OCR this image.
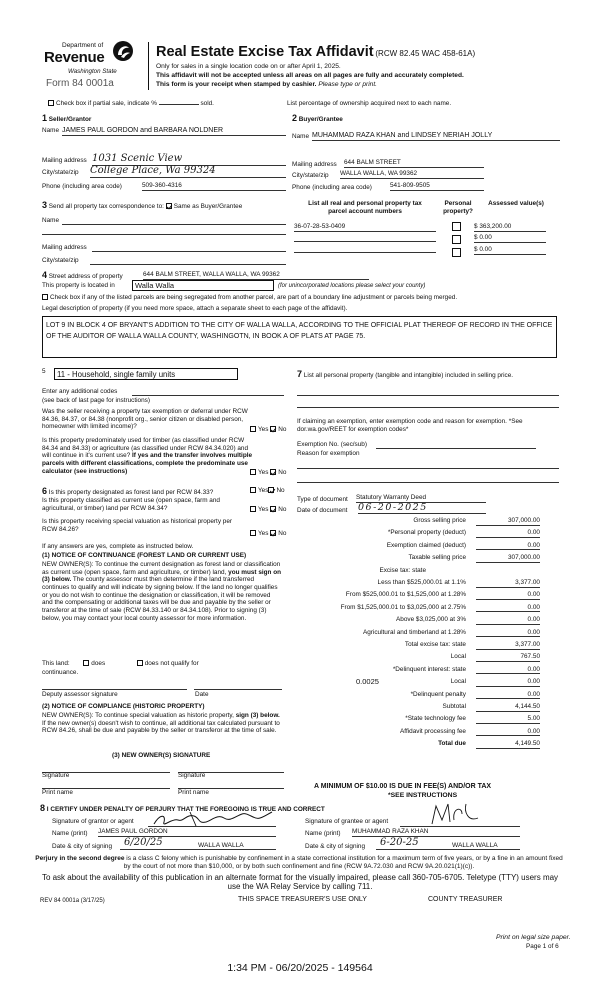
Department of
Revenue
Washington State
Form 84 0001a
Real Estate Excise Tax Affidavit (RCW 82.45 WAC 458-61A)
Only for sales in a single location code on or after April 1, 2025.
This affidavit will not be accepted unless all areas on all pages are fully and accurately completed.
This form is your receipt when stamped by cashier. Please type or print.
Check box if partial sale, indicate %	sold.	List percentage of ownership acquired next to each name.
1 Seller/Grantor
Name JAMES PAUL GORDON and BARBARA NOLDNER
Mailing address 1031 Scenic View
City/state/zip College Place, Wa 99324
Phone (including area code)	509-360-4316
2 Buyer/Grantee
Name MUHAMMAD RAZA KHAN and LINDSEY NERIAH JOLLY
Mailing address 644 BALM STREET
City/state/zip WALLA WALLA, WA 99362
Phone (including area code)	541-809-9505
3 Send all property tax correspondence to: Same as Buyer/Grantee
Name
Mailing address
City/state/zip
List all real and personal property tax parcel account numbers
Personal property?
Assessed value(s)
36-07-28-53-0409	$ 363,200.00
$ 0.00
$ 0.00
4 Street address of property	644 BALM STREET, WALLA WALLA, WA 99362
This property is located in	Walla Walla	(for unincorporated locations please select your county)
Check box if any of the listed parcels are being segregated from another parcel, are part of a boundary line adjustment or parcels being merged.
Legal description of property (if you need more space, attach a separate sheet to each page of the affidavit).
LOT 9 IN BLOCK 4 OF BRYANT'S ADDITION TO THE CITY OF WALLA WALLA, ACCORDING TO THE OFFICIAL PLAT THEREOF OF RECORD IN THE OFFICE OF THE AUDITOR OF WALLA WALLA COUNTY, WASHINGOTN, IN BOOK A OF PLATS AT PAGE 75.
5	11 - Household, single family units
Enter any additional codes
(see back of last page for instructions)
Was the seller receiving a property tax exemption or deferral under RCW 84.36, 84.37, or 84.38 (nonprofit org., senior citizen or disabled person, homeowner with limited income)?	Yes No
Is this property predominately used for timber (as classified under RCW 84.34 and 84.33) or agriculture (as classified under RCW 84.34.020) and will continue in it's current use? If yes and the transfer involves multiple parcels with different classifications, complete the predominate use calculator (see instructions)	Yes No
7 List all personal property (tangible and intangible) included in selling price.
If claiming an exemption, enter exemption code and reason for exemption. *See dor.wa.gov/REET for exemption codes*
Exemption No. (sec/sub)
Reason for exemption
Type of document Statutory Warranty Deed
Date of document 06-20-2025
6 Is this property designated as forest land per RCW 84.33?	Yes No
Is this property classified as current use (open space, farm and agricultural, or timber) land per RCW 84.34?	Yes No
Is this property receiving special valuation as historical property per RCW 84.26?
Yes No
If any answers are yes, complete as instructed below.
(1) NOTICE OF CONTINUANCE (FOREST LAND OR CURRENT USE)
NEW OWNER(S): To continue the current designation as forest land or classification as current use (open space, farm and agriculture, or timber) land, you must sign on (3) below. The county assessor must then determine if the land transferred continues to qualify and will indicate by signing below. If the land no longer qualifies or you do not wish to continue the designation or classification, it will be removed and the compensating or additional taxes will be due and payable by the seller or transferor at the time of sale (RCW 84.33.140 or 84.34.108). Prior to signing (3) below, you may contact your local county assessor for more information.
This land:	does	does not qualify for
continuance.
Deputy assessor signature	Date
(2) NOTICE OF COMPLIANCE (HISTORIC PROPERTY)
NEW OWNER(S): To continue special valuation as historic property, sign (3) below. If the new owner(s) doesn't wish to continue, all additional tax calculated pursuant to RCW 84.26, shall be due and payable by the seller or transferor at the time of sale.
(3) NEW OWNER(S) SIGNATURE
Signature	Signature
Print name	Print name
Gross selling price	307,000.00
*Personal property (deduct)	0.00
Exemption claimed (deduct)	0.00
Taxable selling price	307,000.00
Excise tax: state
Less than $525,000.01 at 1.1%	3,377.00
From $525,000.01 to $1,525,000 at 1.28%	0.00
From $1,525,000.01 to $3,025,000 at 2.75%	0.00
Above $3,025,000 at 3%	0.00
Agricultural and timberland at 1.28%	0.00
Total excise tax: state	3,377.00
Local	767.50
*Delinquent interest: state	0.00
Local	0.00
*Delinquent penalty	0.00
Subtotal	4,144.50
*State technology fee	5.00
Affidavit processing fee	0.00
Total due	4,149.50
0.0025
A MINIMUM OF $10.00 IS DUE IN FEE(S) AND/OR TAX
*SEE INSTRUCTIONS
8 I CERTIFY UNDER PENALTY OF PERJURY THAT THE FOREGOING IS TRUE AND CORRECT
Signature of grantor or agent
Name (print) JAMES PAUL GORDON
Date & city of signing 6/20/25	WALLA WALLA
Signature of grantee or agent
Name (print) MUHAMMAD RAZA KHAN
Date & city of signing 6-20-25	WALLA WALLA
Perjury in the second degree is a class C felony which is punishable by confinement in a state correctional institution for a maximum term of five years, or by a fine in an amount fixed by the court of not more than $10,000, or by both such confinement and fine (RCW 9A.72.030 and RCW 9A.20.021(1)(c)).
To ask about the availability of this publication in an alternate format for the visually impaired, please call 360-705-6705. Teletype (TTY) users may use the WA Relay Service by calling 711.
REV 84 0001a (3/17/25)	THIS SPACE TREASURER'S USE ONLY	COUNTY TREASURER
Print on legal size paper.
Page 1 of 6
1:34 PM - 06/20/2025 - 149564
